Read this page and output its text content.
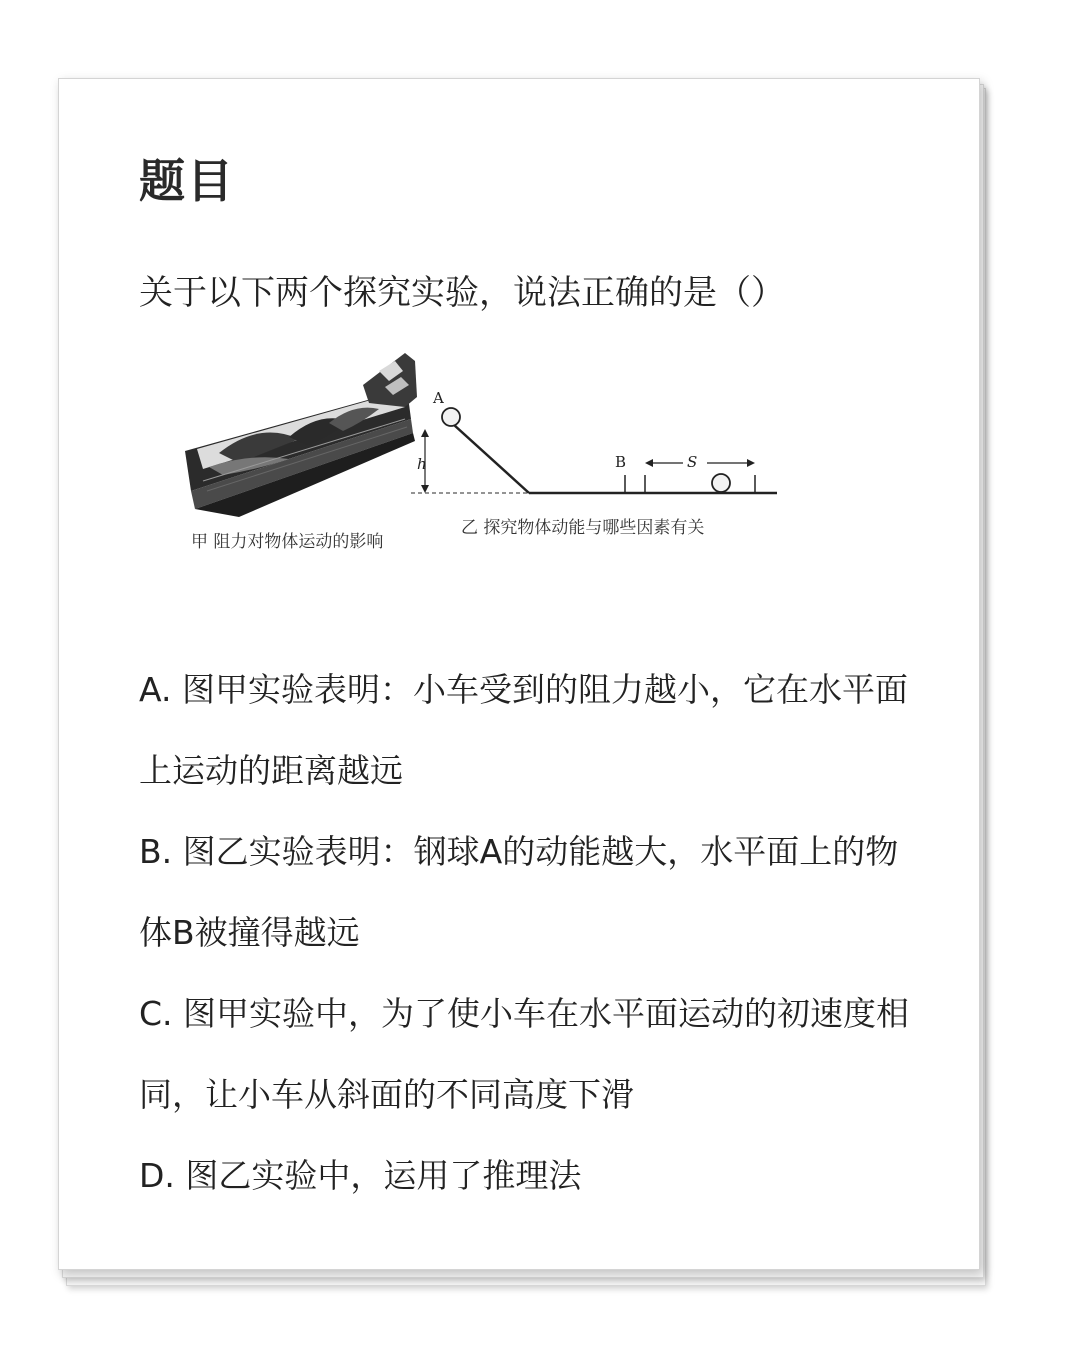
题目
关于以下两个探究实验，说法正确的是（）
甲 阻力对物体运动的影响
A
h	B	S
乙 探究物体动能与哪些因素有关

A. 图甲实验表明：小车受到的阻力越小，它在水平面上运动的距离越远

B. 图乙实验表明：钢球A的动能越大，水平面上的物体B被撞得越远

C. 图甲实验中，为了使小车在水平面运动的初速度相同，让小车从斜面的不同高度下滑

D. 图乙实验中，运用了推理法
